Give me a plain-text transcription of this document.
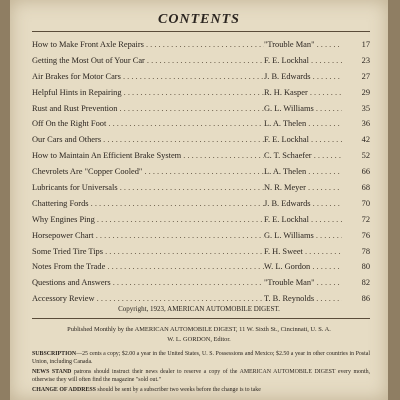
CONTENTS
How to Make Front Axle Repairs . . .	"Trouble Man" . . .	17
Getting the Most Out of Your Car . . .	F. E. Lockhal . . .	23
Air Brakes for Motor Cars . . .	J. B. Edwards . . .	27
Helpful Hints in Repairing . . .	R. H. Kasper . . .	29
Rust and Rust Prevention . . .	G. L. Williams . . .	35
Off On the Right Foot . . .	L. A. Thelen . . .	36
Our Cars and Others . . .	F. E. Lockhal . . .	42
How to Maintain An Efficient Brake System . . .	C. T. Schaefer . . .	52
Chevrolets Are "Copper Cooled" . . .	L. A. Thelen . . .	66
Lubricants for Universals . . .	N. R. Meyer . . .	68
Chattering Fords . . .	J. B. Edwards . . .	70
Why Engines Ping . . .	F. E. Lockhal . . .	72
Horsepower Chart . . .	G. L. Williams . . .	76
Some Tried Tire Tips . . .	F. H. Sweet . . .	78
Notes From the Trade . . .	W. L. Gordon . . .	80
Questions and Answers . . .	"Trouble Man" . . .	82
Accessory Review . . .	T. B. Reynolds . . .	86
Copyright, 1923, AMERICAN AUTOMOBILE DIGEST.
Published Monthly by the AMERICAN AUTOMOBILE DIGEST, 11 W. Sixth St., Cincinnati, U. S. A.
W. L. GORDON, Editor.
SUBSCRIPTION—25 cents a copy; $2.00 a year in the United States, U. S. Possessions and Mexico; $2.50 a year in other countries in Postal Union, including Canada.
NEWS STAND patrons should instruct their news dealer to reserve a copy of the AMERICAN AUTOMOBILE DIGEST every month, otherwise they will often find the magazine "sold out."
CHANGE OF ADDRESS should be sent by a subscriber two weeks before the change is to take
